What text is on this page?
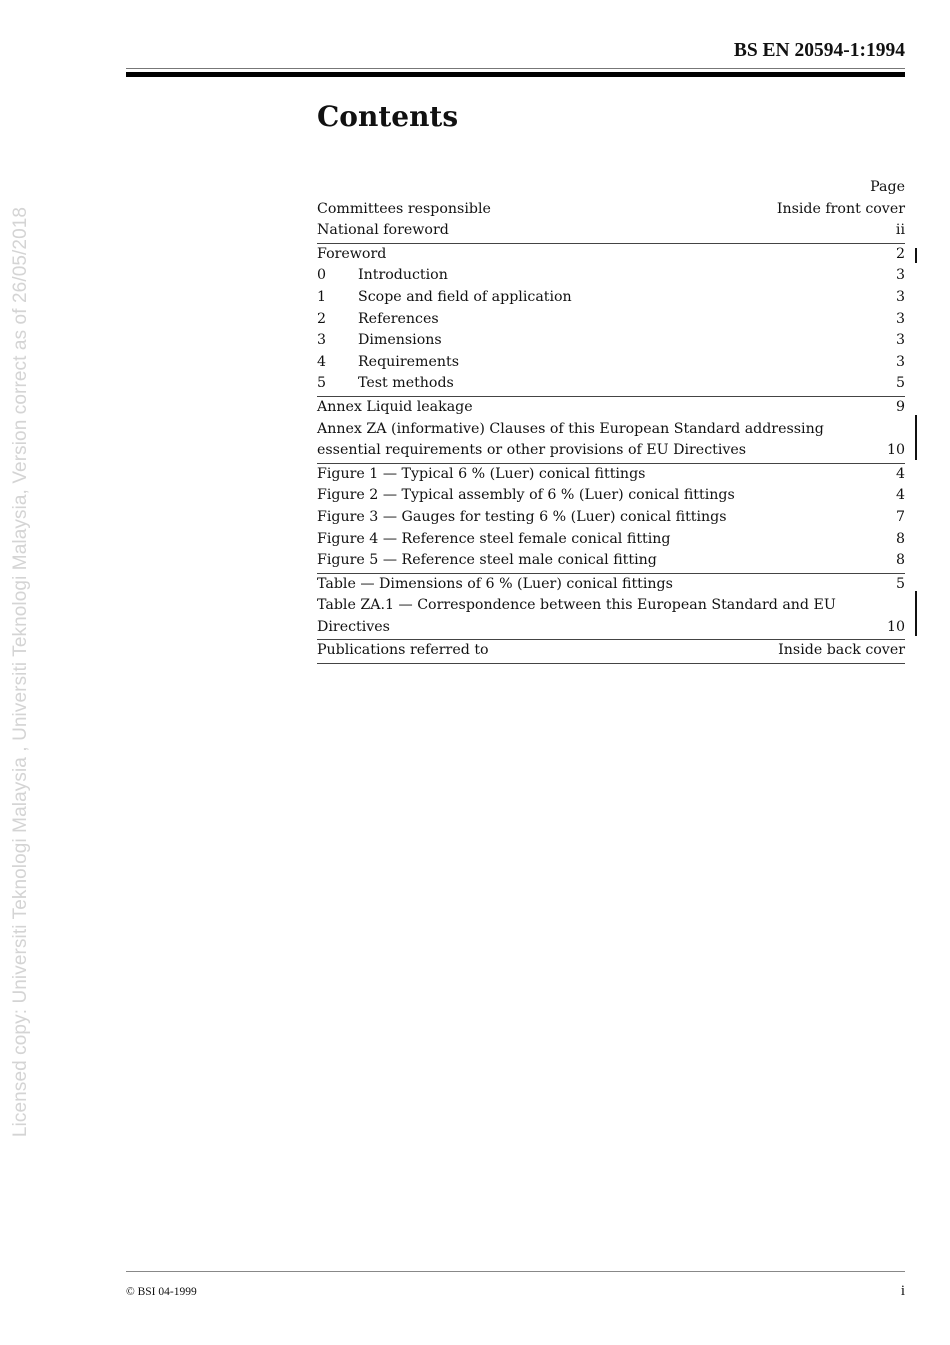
Licensed copy: Universiti Teknologi Malaysia , Universiti Teknologi Malaysia, Version correct as of 26/05/2018
BS EN 20594-1:1994
Contents
Page
Committees responsible	Inside front cover
National foreword	ii
Foreword	2
0	Introduction	3
1	Scope and field of application	3
2	References	3
3	Dimensions	3
4	Requirements	3
5	Test methods	5
Annex Liquid leakage	9
Annex ZA (informative) Clauses of this European Standard addressing essential requirements or other provisions of EU Directives	10
Figure 1 — Typical 6 % (Luer) conical fittings	4
Figure 2 — Typical assembly of 6 % (Luer) conical fittings	4
Figure 3 — Gauges for testing 6 % (Luer) conical fittings	7
Figure 4 — Reference steel female conical fitting	8
Figure 5 — Reference steel male conical fitting	8
Table — Dimensions of 6 % (Luer) conical fittings	5
Table ZA.1 — Correspondence between this European Standard and EU Directives	10
Publications referred to	Inside back cover
© BSI 04-1999	i
